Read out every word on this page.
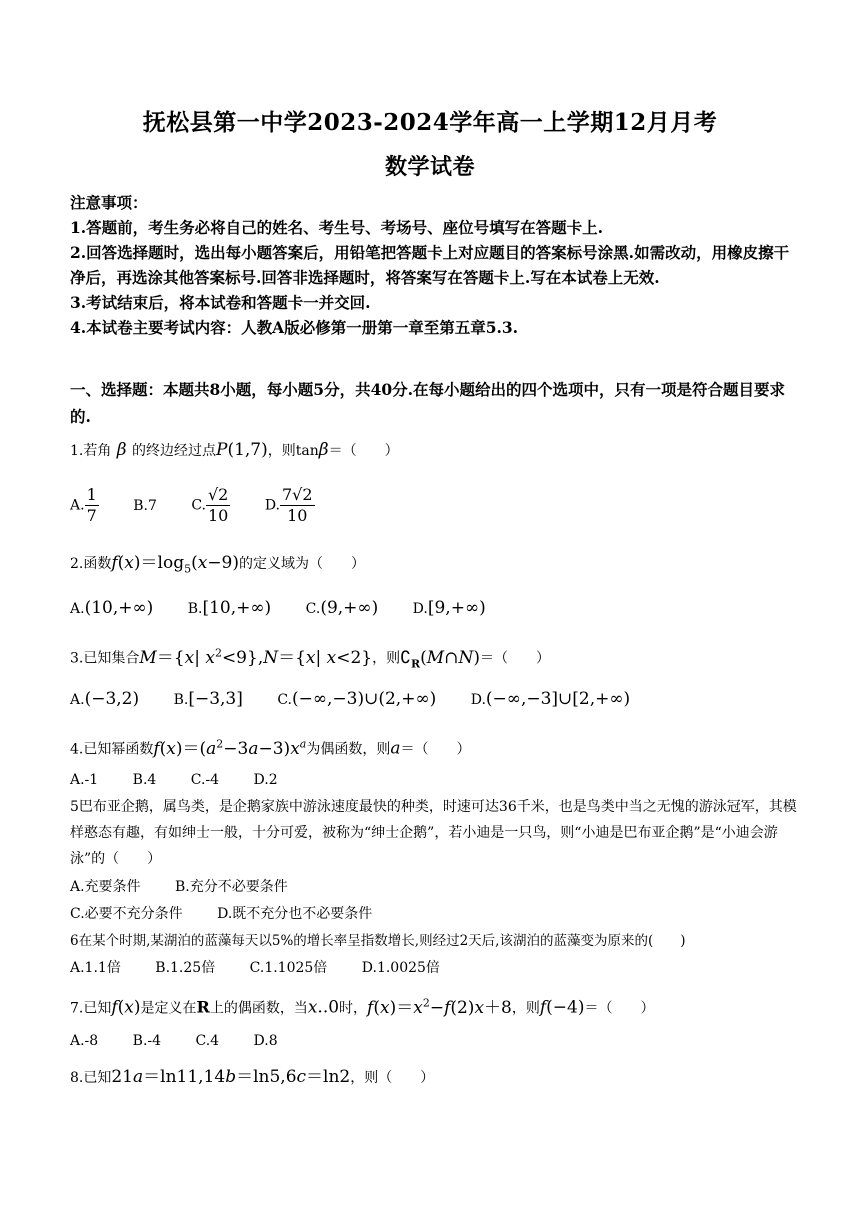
抚松县第一中学2023-2024学年高一上学期12月月考
数学试卷

注意事项：

1.答题前，考生务必将自己的姓名、考生号、考场号、座位号填写在答题卡上.

2.回答选择题时，选出每小题答案后，用铅笔把答题卡上对应题目的答案标号涂黑.如需改动，用橡皮擦干净后，再选涂其他答案标号.回答非选择题时，将答案写在答题卡上.写在本试卷上无效.

3.考试结束后，将本试卷和答题卡一并交回.

4.本试卷主要考试内容：人教A版必修第一册第一章至第五章5.3.

一、选择题：本题共8小题，每小题5分，共40分.在每小题给出的四个选项中，只有一项是符合题目要求的.
1.若角 β 的终边经过点P(1,7)，则tanβ＝（　　）
A. $\frac{1}{7} B.7$ C. $\frac{√2}{10} D$. $\frac{7√2}{10}$
2.函数$f(x)=\log_5(x-9)$的定义域为（　　）
A.(10,+∞) B.[10,+∞) C.(9,+∞) D.[9,+∞)
3.已知集合M＝{x| $x^2<9\},N=\{x|$ x<2}，则$∁_R(M\cap N)=$（　　）
A.(−3,2) B.[−3,3] C.(−∞,−3)∪(2,+∞) D.(−∞,−3]∪[2,+∞)
4.已知幂函数$f(x)=(a^2-3a-3)x^a$为偶函数，则a＝（　　）
A.-1 B.4 C.-4 D.2
5巴布亚企鹅，属鸟类，是企鹅家族中游泳速度最快的种类，时速可达36千米，也是鸟类中当之无愧的游泳冠军，其模样憨态有趣，有如绅士一般，十分可爱，被称为“绅士企鹅”，若小迪是一只鸟，则“小迪是巴布亚企鹅”是“小迪会游泳”的（　　）
A.充要条件 B.充分不必要条件
C.必要不充分条件 D.既不充分也不必要条件
6在某个时期,某湖泊的蓝藻每天以5%的增长率呈指数增长,则经过2天后,该湖泊的蓝藻变为原来的(　　)
A.1.1倍 B.1.25倍 C.1.1025倍 D.1.0025倍
7.已知f(x)是定义在R上的偶函数，当x..0时，$f(x)=x^2-f(2)x+8$，则f(−4)＝（　　）
A.-8 B.-4 C.4 D.8
8.已知21a＝ln11,14b＝ln5,6c＝ln2，则（　　）
